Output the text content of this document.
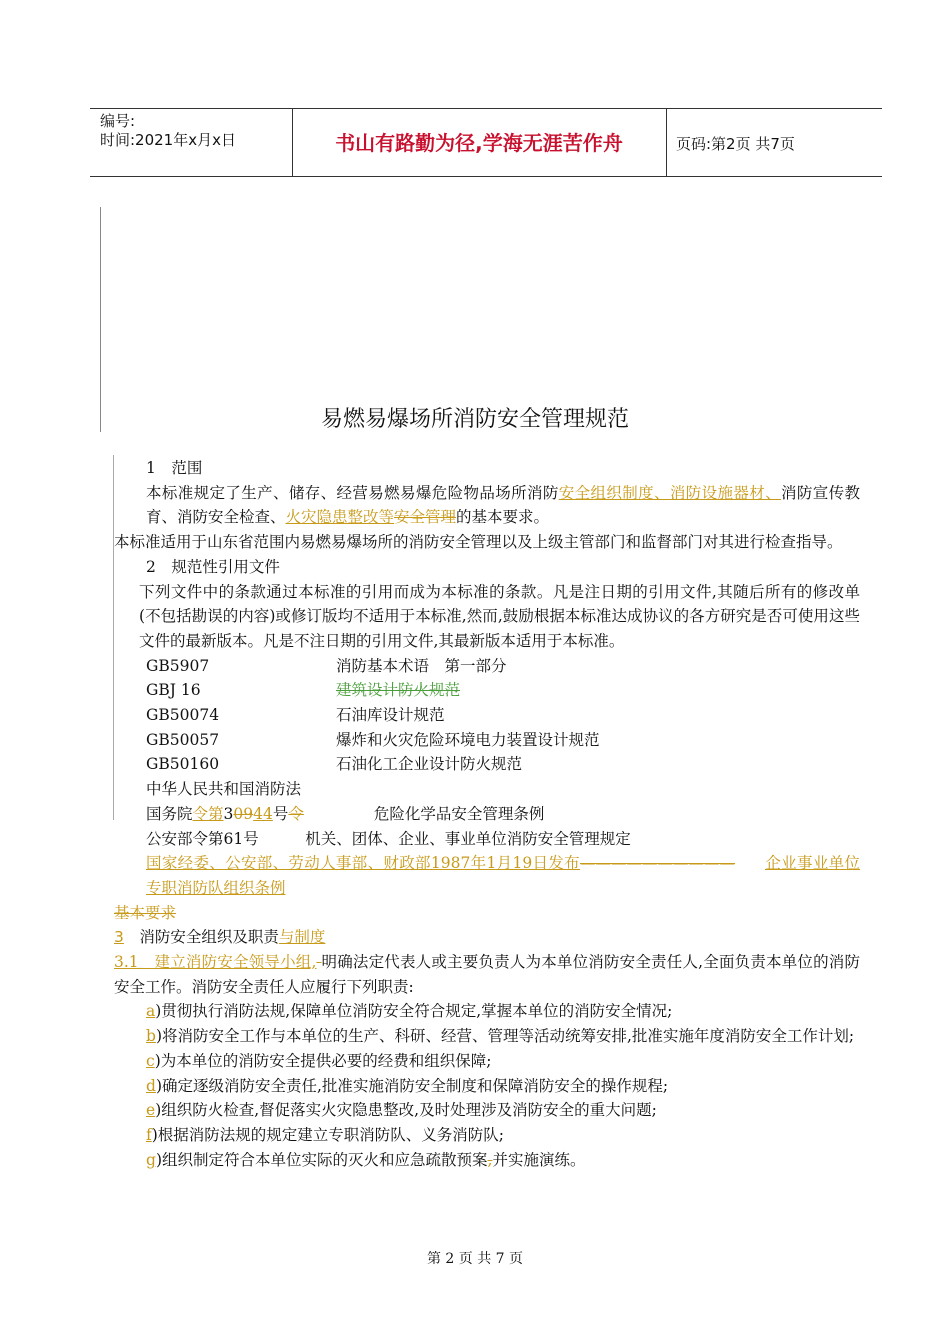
编号:
时间:2021年x月x日	书山有路勤为径,学海无涯苦作舟	页码:第2页 共7页
易燃易爆场所消防安全管理规范

1　范围

本标准规定了生产、储存、经营易燃易爆危险物品场所消防安全组织制度、消防设施器材、消防宣传教育、消防安全检查、火灾隐患整改等安全管理的基本要求。

本标准适用于山东省范围内易燃易爆场所的消防安全管理以及上级主管部门和监督部门对其进行检查指导。

2　规范性引用文件

下列文件中的条款通过本标准的引用而成为本标准的条款。凡是注日期的引用文件,其随后所有的修改单(不包括勘误的内容)或修订版均不适用于本标准,然而,鼓励根据本标准达成协议的各方研究是否可使用这些文件的最新版本。凡是不注日期的引用文件,其最新版本适用于本标准。

GB5907	消防基本术语　第一部分
GBJ 16	建筑设计防火规范
GB50074	石油库设计规范
GB50057	爆炸和火灾危险环境电力装置设计规范
GB50160	石油化工企业设计防火规范

中华人民共和国消防法

国务院令第30944号令	危险化学品安全管理条例

公安部令第61号　　　机关、团体、企业、事业单位消防安全管理规定

国家经委、公安部、劳动人事部、财政部1987年1月19日发布—————————— 企业事业单位专职消防队组织条例

基本要求

3　消防安全组织及职责与制度

3.1　建立消防安全领导小组, 明确法定代表人或主要负责人为本单位消防安全责任人,全面负责本单位的消防安全工作。消防安全责任人应履行下列职责:

a)贯彻执行消防法规,保障单位消防安全符合规定,掌握本单位的消防安全情况;

b)将消防安全工作与本单位的生产、科研、经营、管理等活动统筹安排,批准实施年度消防安全工作计划;

c)为本单位的消防安全提供必要的经费和组织保障;

d)确定逐级消防安全责任,批准实施消防安全制度和保障消防安全的操作规程;

e)组织防火检查,督促落实火灾隐患整改,及时处理涉及消防安全的重大问题;

f)根据消防法规的规定建立专职消防队、义务消防队;

g)组织制定符合本单位实际的灭火和应急疏散预案,并实施演练。

第 2 页 共 7 页
